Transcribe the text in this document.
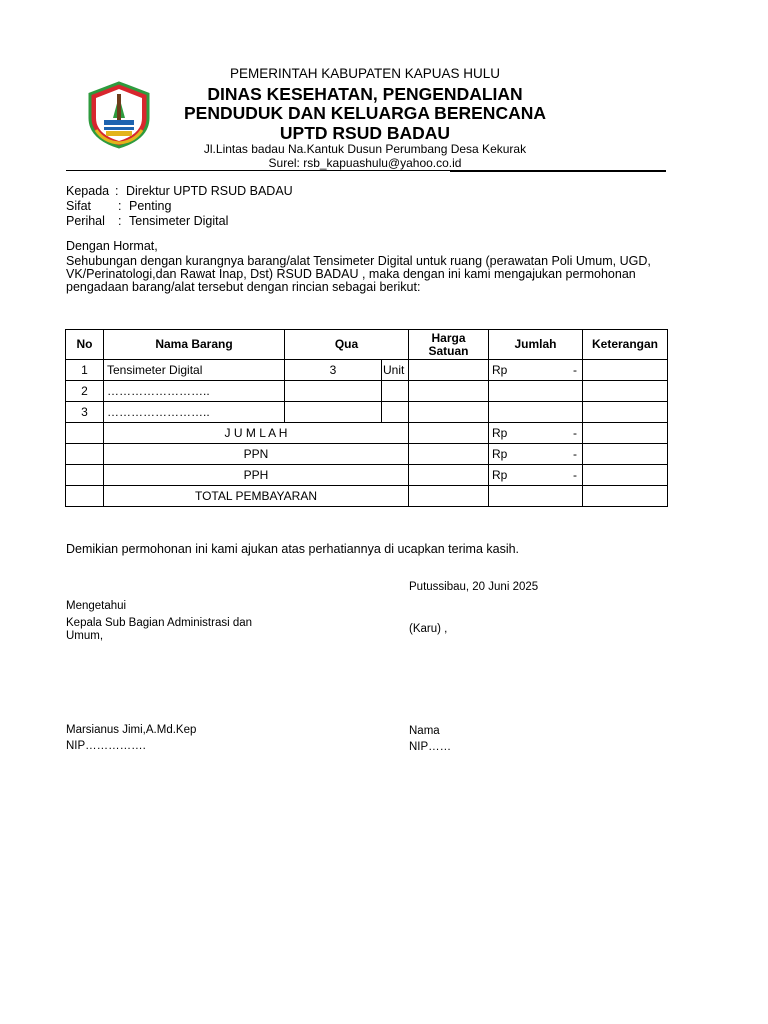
PEMERINTAH KABUPATEN KAPUAS HULU
DINAS KESEHATAN, PENGENDALIAN
PENDUDUK DAN KELUARGA BERENCANA
UPTD RSUD BADAU
Jl.Lintas badau Na.Kantuk Dusun Perumbang Desa Kekurak
Surel: rsb_kapuashulu@yahoo.co.id
Kepada : Direktur UPTD RSUD BADAU
Sifat : Penting
Perihal : Tensimeter Digital
Dengan Hormat,
Sehubungan dengan kurangnya barang/alat Tensimeter Digital untuk ruang (perawatan Poli Umum, UGD,
VK/Perinatologi,dan Rawat Inap, Dst) RSUD BADAU , maka dengan ini kami mengajukan permohonan
pengadaan barang/alat tersebut dengan rincian sebagai berikut:
No	Nama Barang	Qua		Harga Satuan	Jumlah	Keterangan
1	Tensimeter Digital	3	Unit		Rp -	

2	……………………..					
3	……………………..					
	J U M L A H				Rp -	

	PPN				Rp -	

	PPH				Rp -	

	TOTAL PEMBAYARAN					
Demikian permohonan ini kami ajukan atas perhatiannya di ucapkan terima kasih.
Putussibau, 20 Juni 2025
Mengetahui
Kepala Sub Bagian Administrasi dan
Umum,
Marsianus Jimi,A.Md.Kep
NIP…………….
(Karu) ,
Nama
NIP……
